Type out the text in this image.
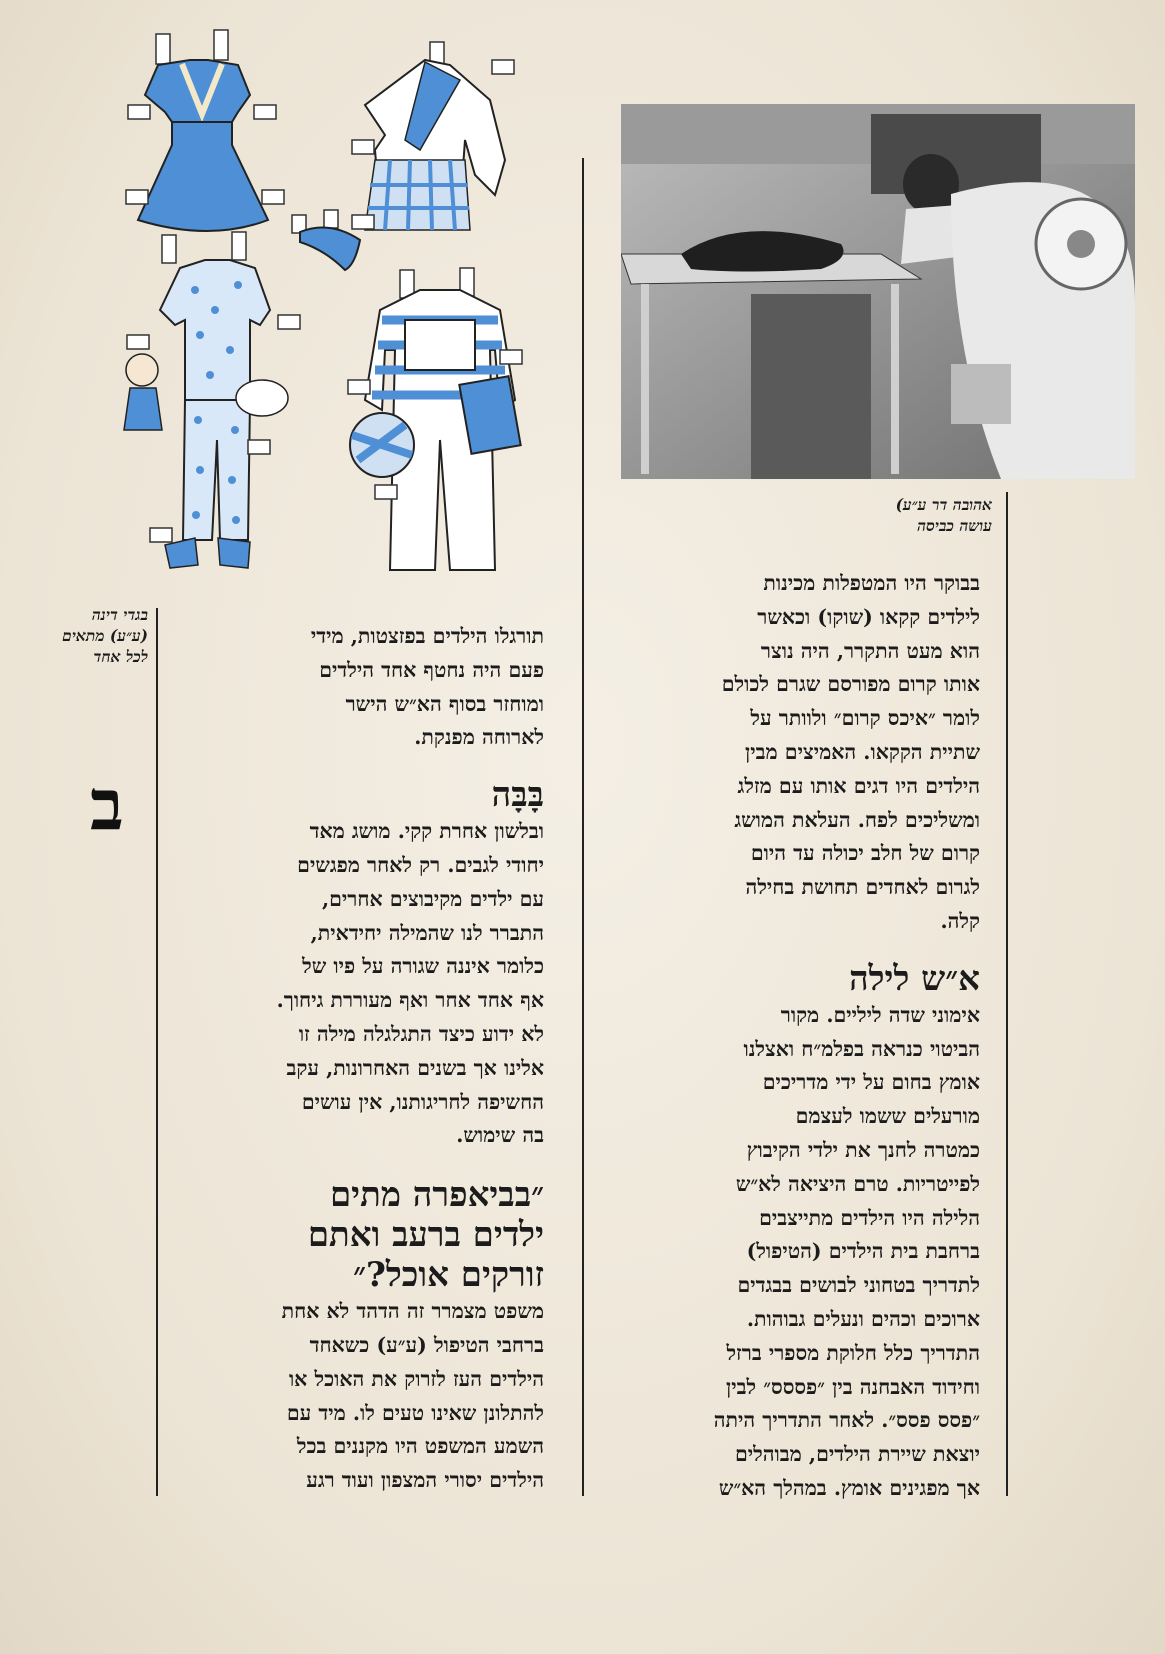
אהובה דר ע״ע)
עושה כביסה
בבוקר היו המטפלות מכינות
לילדים קקאו (שוקו) וכאשר
הוא מעט התקרר, היה נוצר
אותו קרום מפורסם שגרם לכולם
לומר ״איכס קרום״ ולוותר על
שתיית הקקאו. האמיצים מבין
הילדים היו דגים אותו עם מזלג
ומשליכים לפח. העלאת המושג
קרום של חלב יכולה עד היום
לגרום לאחדים תחושת בחילה
קלה.
א״ש לילה
אימוני שדה ליליים. מקור
הביטוי כנראה בפלמ״ח ואצלנו
אומץ בחום על ידי מדריכים
מורעלים ששמו לעצמם
כמטרה לחנך את ילדי הקיבוץ
לפייטריות. טרם היציאה לא״ש
הלילה היו הילדים מתייצבים
ברחבת בית הילדים (הטיפול)
לתדריך בטחוני לבושים בבגדים
ארוכים וכהים ונעלים גבוהות.
התדריך כלל חלוקת מספרי ברזל
וחידוד האבחנה בין ״פססס״ לבין
״פסס פסס״. לאחר התדריך היתה
יוצאת שיירת הילדים, מבוהלים
אך מפגינים אומץ. במהלך הא״ש
תורגלו הילדים בפזצטות, מידי
פעם היה נחטף אחד הילדים
ומוחזר בסוף הא״ש הישר
לארוחה מפנקת.
בָּבָּה
ובלשון אחרת קקי. מושג מאד
יחודי לגבים. רק לאחר מפגשים
עם ילדים מקיבוצים אחרים,
התברר לנו שהמילה יחידאית,
כלומר איננה שגורה על פיו של
אף אחד אחר ואף מעוררת גיחוך.
לא ידוע כיצד התגלגלה מילה זו
אלינו אך בשנים האחרונות, עקב
החשיפה לחריגותנו, אין עושים
בה שימוש.
״בביאפרה מתים
ילדים ברעב ואתם
זורקים אוכל?״
משפט מצמרר זה הדהד לא אחת
ברחבי הטיפול (ע״ע) כשאחד
הילדים העז לזרוק את האוכל או
להתלונן שאינו טעים לו. מיד עם
השמע המשפט היו מקננים בכל
הילדים יסורי המצפון ועוד רגע
בגדי דינה
(ע״ע) מתאים
לכל אחד
ב
